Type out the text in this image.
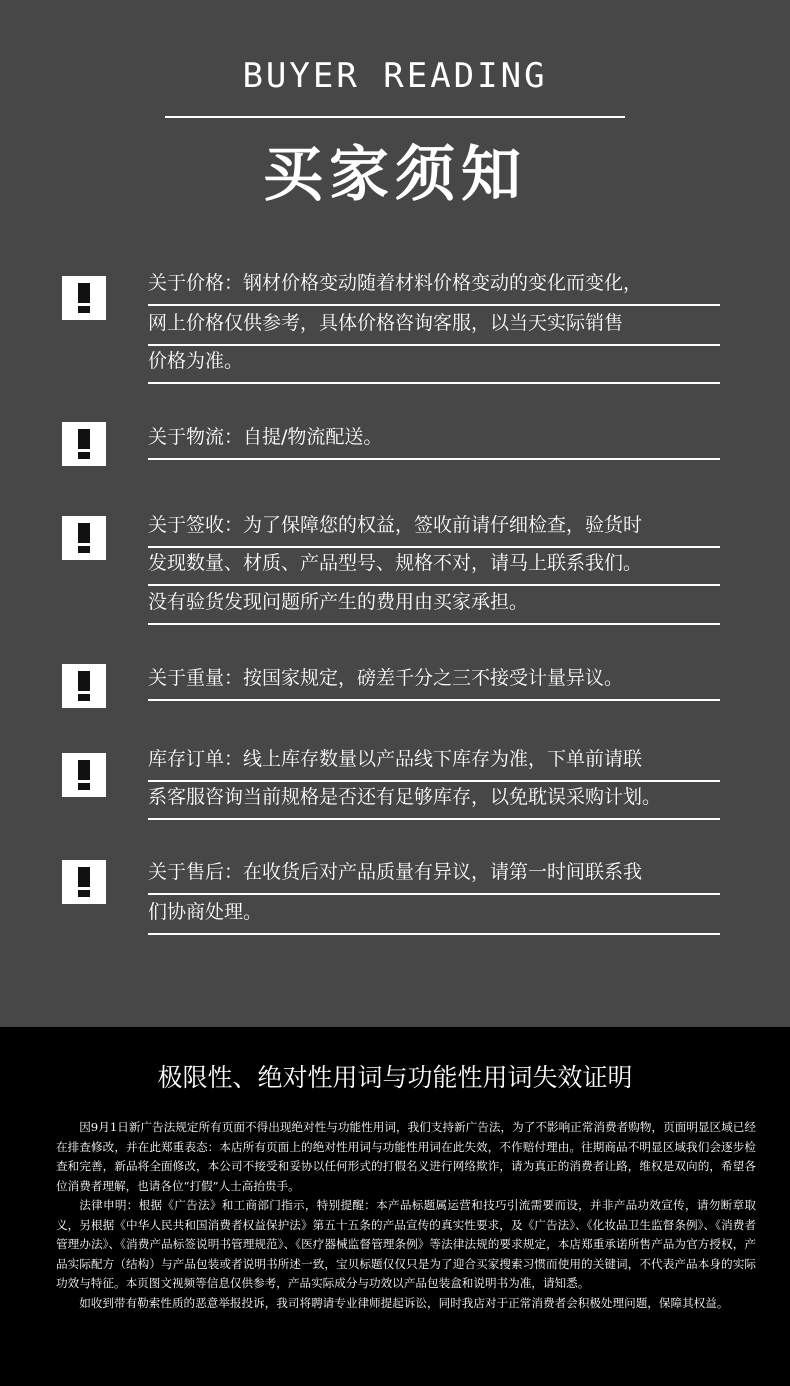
BUYER READING
买家须知
关于价格：钢材价格变动随着材料价格变动的变化而变化，
网上价格仅供参考，具体价格咨询客服，以当天实际销售
价格为准。
关于物流：自提/物流配送。
关于签收：为了保障您的权益，签收前请仔细检查，验货时
发现数量、材质、产品型号、规格不对，请马上联系我们。
没有验货发现问题所产生的费用由买家承担。
关于重量：按国家规定，磅差千分之三不接受计量异议。
库存订单：线上库存数量以产品线下库存为准，下单前请联
系客服咨询当前规格是否还有足够库存，以免耽误采购计划。
关于售后：在收货后对产品质量有异议，请第一时间联系我
们协商处理。
极限性、绝对性用词与功能性用词失效证明

因9月1日新广告法规定所有页面不得出现绝对性与功能性用词，我们支持新广告法，为了不影响正常消费者购物，页面明显区域已经在排查修改，并在此郑重表态：本店所有页面上的绝对性用词与功能性用词在此失效，不作赔付理由。往期商品不明显区域我们会逐步检查和完善，新品将全面修改，本公司不接受和妥协以任何形式的打假名义进行网络欺诈，请为真正的消费者让路，维权是双向的，希望各位消费者理解，也请各位“打假”人士高抬贵手。

法律申明：根据《广告法》和工商部门指示，特别提醒：本产品标题属运营和技巧引流需要而设，并非产品功效宣传，请勿断章取义，另根据《中华人民共和国消费者权益保护法》第五十五条的产品宣传的真实性要求，及《广告法》、《化妆品卫生监督条例》、《消费者管理办法》、《消费产品标签说明书管理规范》、《医疗器械监督管理条例》等法律法规的要求规定，本店郑重承诺所售产品为官方授权，产品实际配方（结构）与产品包装或者说明书所述一致，宝贝标题仅仅只是为了迎合买家搜索习惯而使用的关键词，不代表产品本身的实际功效与特征。本页图文视频等信息仅供参考，产品实际成分与功效以产品包装盒和说明书为准，请知悉。

如收到带有勒索性质的恶意举报投诉，我司将聘请专业律师提起诉讼，同时我店对于正常消费者会积极处理问题，保障其权益。
